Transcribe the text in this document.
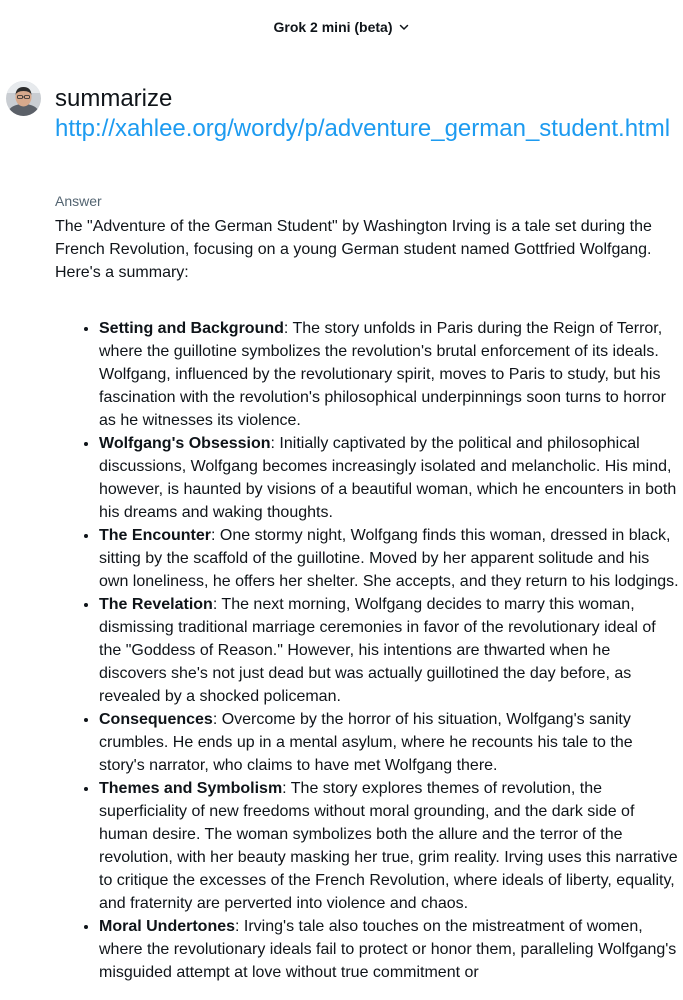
Grok 2 mini (beta)
summarize
http://xahlee.org/wordy/p/adventure_german_student.html
Answer
The "Adventure of the German Student" by Washington Irving is a tale set during the French Revolution, focusing on a young German student named Gottfried Wolfgang. Here's a summary:
• Setting and Background: The story unfolds in Paris during the Reign of Terror, where the guillotine symbolizes the revolution's brutal enforcement of its ideals. Wolfgang, influenced by the revolutionary spirit, moves to Paris to study, but his fascination with the revolution's philosophical underpinnings soon turns to horror as he witnesses its violence.
• Wolfgang's Obsession: Initially captivated by the political and philosophical discussions, Wolfgang becomes increasingly isolated and melancholic. His mind, however, is haunted by visions of a beautiful woman, which he encounters in both his dreams and waking thoughts.
• The Encounter: One stormy night, Wolfgang finds this woman, dressed in black, sitting by the scaffold of the guillotine. Moved by her apparent solitude and his own loneliness, he offers her shelter. She accepts, and they return to his lodgings.
• The Revelation: The next morning, Wolfgang decides to marry this woman, dismissing traditional marriage ceremonies in favor of the revolutionary ideal of the "Goddess of Reason." However, his intentions are thwarted when he discovers she's not just dead but was actually guillotined the day before, as revealed by a shocked policeman.
• Consequences: Overcome by the horror of his situation, Wolfgang's sanity crumbles. He ends up in a mental asylum, where he recounts his tale to the story's narrator, who claims to have met Wolfgang there.
• Themes and Symbolism: The story explores themes of revolution, the superficiality of new freedoms without moral grounding, and the dark side of human desire. The woman symbolizes both the allure and the terror of the revolution, with her beauty masking her true, grim reality. Irving uses this narrative to critique the excesses of the French Revolution, where ideals of liberty, equality, and fraternity are perverted into violence and chaos.
• Moral Undertones: Irving's tale also touches on the mistreatment of women, where the revolutionary ideals fail to protect or honor them, paralleling Wolfgang's misguided attempt at love without true commitment or
